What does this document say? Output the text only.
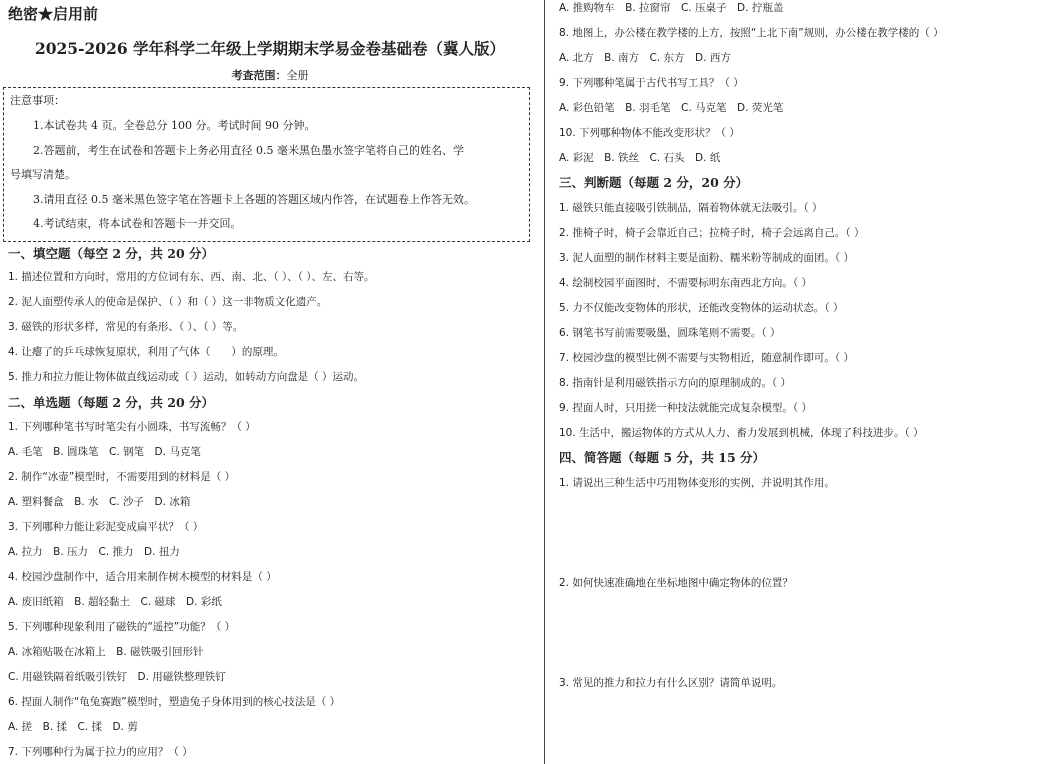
绝密★启用前
2025-2026 学年科学二年级上学期期末学易金卷基础卷（冀人版）
考查范围：全册
注意事项：
1.本试卷共 4 页。全卷总分 100 分。考试时间 90 分钟。
2.答题前，考生在试卷和答题卡上务必用直径 0.5 毫米黑色墨水签字笔将自己的姓名、学
号填写清楚。
3.请用直径 0.5 毫米黑色签字笔在答题卡上各题的答题区域内作答，在试题卷上作答无效。
4.考试结束，将本试卷和答题卡一并交回。
一、填空题（每空 2 分，共 20 分）
1. 描述位置和方向时，常用的方位词有东、西、南、北、（ ）、（ ）、左、右等。
2. 泥人面塑传承人的使命是保护、（ ）和（ ）这一非物质文化遗产。
3. 磁铁的形状多样，常见的有条形、（ ）、（ ）等。
4. 让瘪了的乒乓球恢复原状，利用了气体（　　）的原理。
5. 推力和拉力能让物体做直线运动或（ ）运动，如转动方向盘是（ ）运动。
二、单选题（每题 2 分，共 20 分）
1. 下列哪种笔书写时笔尖有小圆珠，书写流畅？（ ）
A. 毛笔　B. 圆珠笔　C. 钢笔　D. 马克笔
2. 制作“冰壶”模型时，不需要用到的材料是（ ）
A. 塑料餐盒　B. 水　C. 沙子　D. 冰箱
3. 下列哪种力能让彩泥变成扁平状？（ ）
A. 拉力　B. 压力　C. 推力　D. 扭力
4. 校园沙盘制作中，适合用来制作树木模型的材料是（ ）
A. 废旧纸箱　B. 超轻黏土　C. 磁球　D. 彩纸
5. 下列哪种现象利用了磁铁的“遥控”功能？（ ）
A. 冰箱贴吸在冰箱上　B. 磁铁吸引回形针
C. 用磁铁隔着纸吸引铁钉　D. 用磁铁整理铁钉
6. 捏面人制作“龟兔赛跑”模型时，塑造兔子身体用到的核心技法是（ ）
A. 搓　B. 揉　C. 揉　D. 剪
7. 下列哪种行为属于拉力的应用？（ ）
A. 推购物车　B. 拉窗帘　C. 压桌子　D. 拧瓶盖
8. 地图上，办公楼在教学楼的上方，按照“上北下南”规则，办公楼在教学楼的（ ）
A. 北方　B. 南方　C. 东方　D. 西方
9. 下列哪种笔属于古代书写工具？（ ）
A. 彩色铅笔　B. 羽毛笔　C. 马克笔　D. 荧光笔
10. 下列哪种物体不能改变形状？（ ）
A. 彩泥　B. 铁丝　C. 石头　D. 纸
三、判断题（每题 2 分，20 分）
1. 磁铁只能直接吸引铁制品，隔着物体就无法吸引。（ ）
2. 推椅子时，椅子会靠近自己；拉椅子时，椅子会远离自己。（ ）
3. 泥人面塑的制作材料主要是面粉、糯米粉等制成的面团。（ ）
4. 绘制校园平面图时，不需要标明东南西北方向。（ ）
5. 力不仅能改变物体的形状，还能改变物体的运动状态。（ ）
6. 钢笔书写前需要吸墨，圆珠笔则不需要。（ ）
7. 校园沙盘的模型比例不需要与实物相近，随意制作即可。（ ）
8. 指南针是利用磁铁指示方向的原理制成的。（ ）
9. 捏面人时，只用搓一种技法就能完成复杂模型。（ ）
10. 生活中，搬运物体的方式从人力、畜力发展到机械，体现了科技进步。（ ）
四、简答题（每题 5 分，共 15 分）
1. 请说出三种生活中巧用物体变形的实例，并说明其作用。
2. 如何快速准确地在坐标地图中确定物体的位置？
3. 常见的推力和拉力有什么区别？请简单说明。
